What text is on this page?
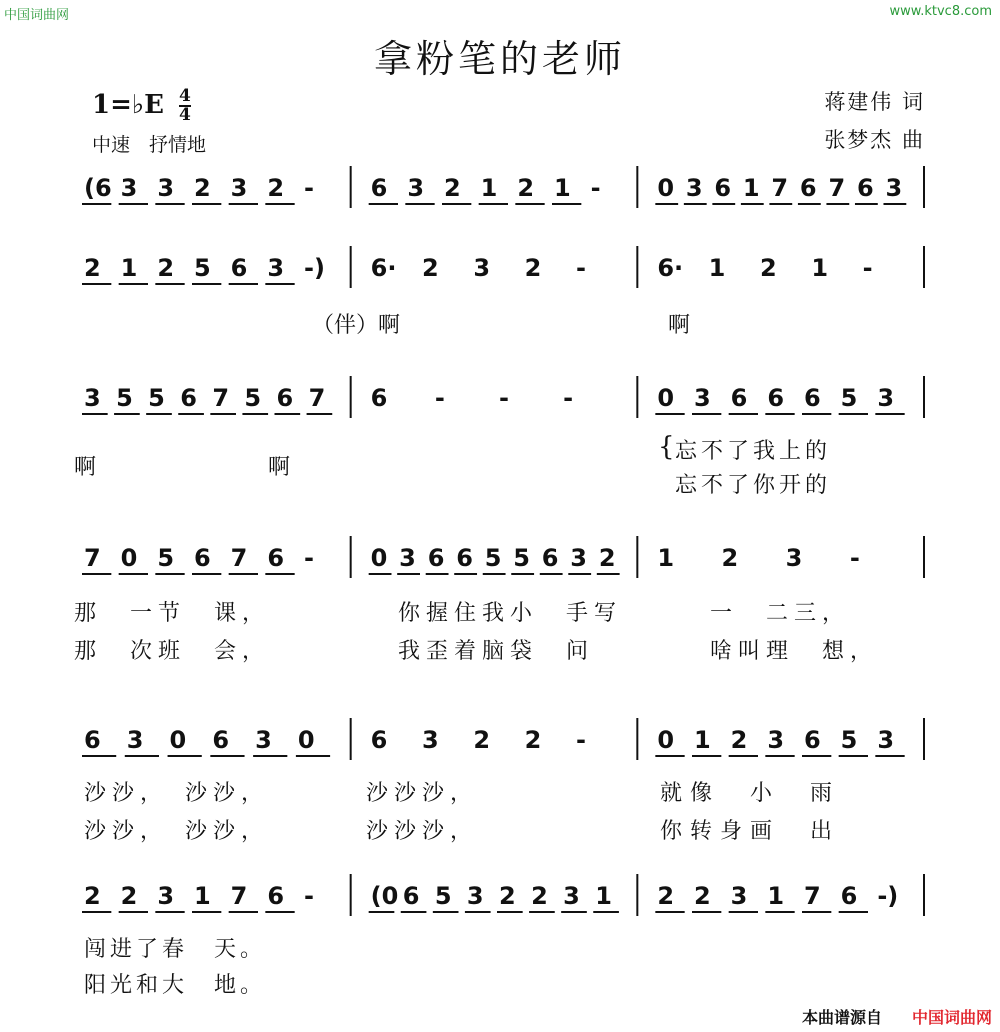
中国词曲网	www.ktvc8.com
拿粉笔的老师
1=♭E $\frac{4}{4}$
中速　抒情地
蒋建伟 词
张梦杰 曲
(6 3 3 2 3 2 - 6 3 2 1 2 1 - 0 3 6 1 7 6 7 6 3
2 1 2 5 6 3 -) 6· 2 3 2 -	6· 1 2 1 -
（伴）啊	啊
3 5 5 6 7 5 6 7 6 - - -	0 3 6 6 6 5 3
啊	啊
{ 忘不了我上的
忘不了你开的
7 0 5 6 7 6 - 0 3 6 6 5 5 6 3 2 1 2 3 -
那　一节　课，	你握住我小　手写	一　二三，
那　次班　会，	我歪着脑袋　问	啥叫理　想，
6 3 0 6 3 0 6 3 2 2 -	0 1 2 3 6 5 3
沙沙，　沙沙，	沙沙沙，	就像　小　雨
沙沙，　沙沙，	沙沙沙，	你转身画　出
2 2 3 1 7 6 - (0 6 5 3 2 2 3 1 2 2 3 1 7 6 -)
闯进了春　天。
阳光和大　地。
本曲谱源自 中国词曲网
